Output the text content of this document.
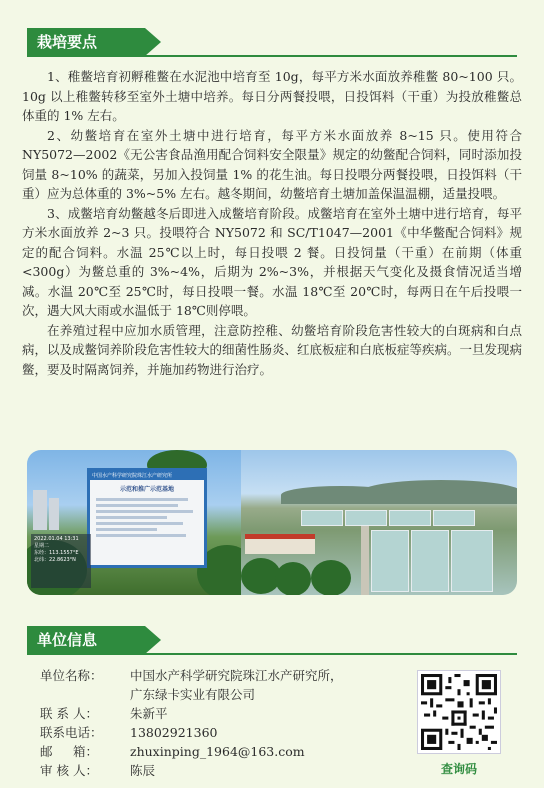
栽培要点

1、稚鳖培育初孵稚鳖在水泥池中培育至 10g，每平方米水面放养稚鳖 80~100 只。10g 以上稚鳖转移至室外土塘中培养。每日分两餐投喂，日投饵料（干重）为投放稚鳖总体重的 1% 左右。

2、幼鳖培育在室外土塘中进行培育，每平方米水面放养 8~15 只。使用符合 NY5072—2002《无公害食品渔用配合饲料安全限量》规定的幼鳖配合饲料，同时添加投饲量 8~10% 的蔬菜，另加入投饲量 1% 的花生油。每日投喂分两餐投喂，日投饵料（干重）应为总体重的 3%~5% 左右。越冬期间，幼鳖培育土塘加盖保温温棚，适量投喂。

3、成鳖培育幼鳖越冬后即进入成鳖培育阶段。成鳖培育在室外土塘中进行培育，每平方米水面放养 2~3 只。投喂符合 NY5072 和 SC/T1047—2001《中华鳖配合饲料》规定的配合饲料。水温 25℃以上时，每日投喂 2 餐。日投饲量（干重）在前期（体重 <300g）为鳖总重的 3%~4%，后期为 2%~3%，并根据天气变化及摄食情况适当增减。水温 20℃至 25℃时，每日投喂一餐。水温 18℃至 20℃时，每两日在午后投喂一次，遇大风大雨或水温低于 18℃则停喂。

在养殖过程中应加水质管理，注意防控稚、幼鳖培育阶段危害性较大的白斑病和白点病，以及成鳖饲养阶段危害性较大的细菌性肠炎、红底板症和白底板症等疾病。一旦发现病鳖，要及时隔离饲养，并施加药物进行治疗。

中国水产科学研究院珠江水产研究所
示范和推广示范基地
2022.01.04 13:31
星期二
东经：113.1557°E
北纬：22.8623°N
单位信息
单位名称：	中国水产科学研究院珠江水产研究所，
广东绿卡实业有限公司
联 系 人：	朱新平
联系电话：	13802921360
邮 　 箱：	zhuxinping_1964@163.com
审 核 人：	陈辰	查询码
